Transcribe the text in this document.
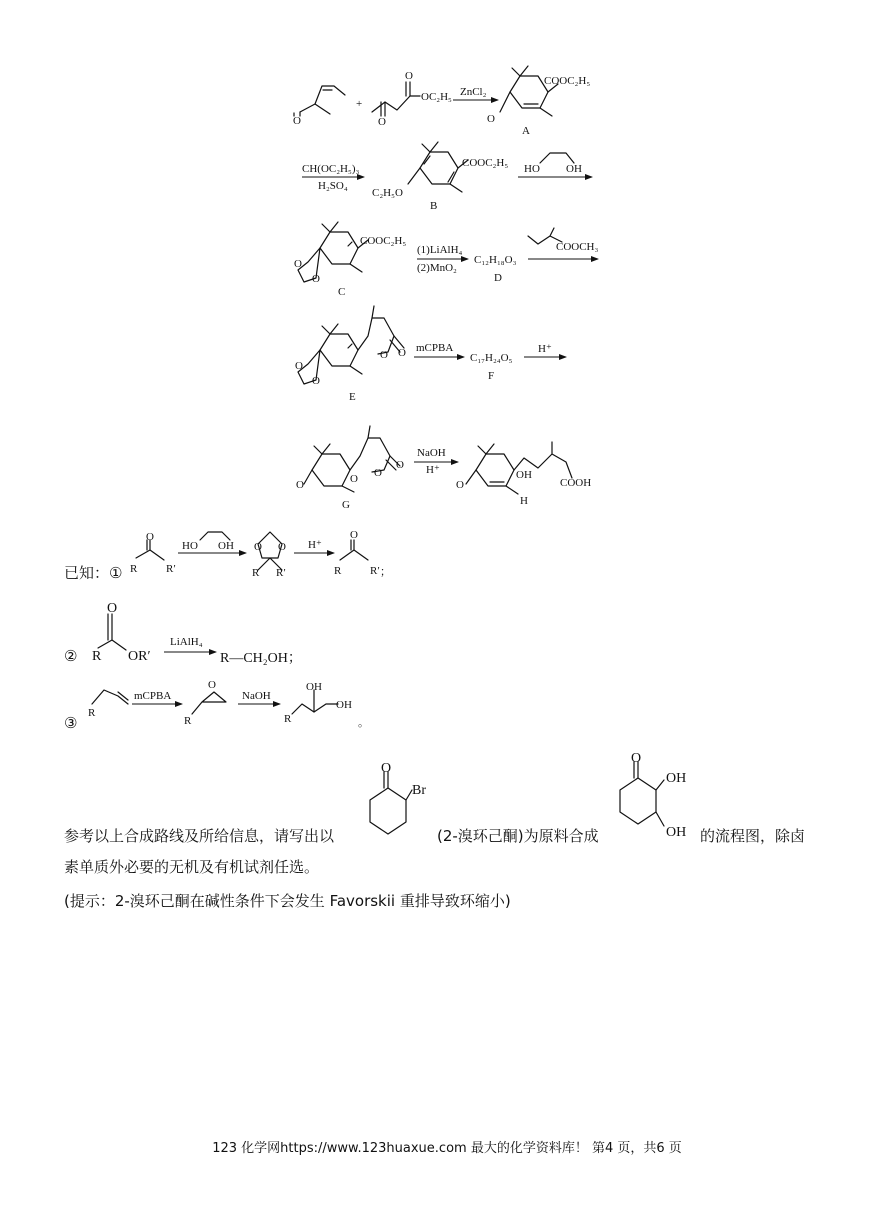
O
+
O
O
OC₂H₅ ZnCl₂
O
COOC₂H₅
A
CH(OC₂H₅)₃
H₂SO₄
COOC₂H₅
C₂H₅O
B
HO OH
O
O
COOC₂H₅
C
(1)LiAlH₄
(2)MnO₂
C₁₂H₁₈O₃
D
COOCH₃
O
O
O O
E
mCPBA
C₁₇H₂₄O₅
F
H⁺
O	O O
O
G
NaOH
H⁺
O
OH
COOH
H
O
R	R′
HO OH O O
R R′
H⁺
O
R	R′ ；
O
R OR′
LiAlH₄
R—CH₂OH；
R
mCPBA
O
R
NaOH
OH
OH
R	。
O
Br
O
OH
OH
已知：①
②
③
参考以上合成路线及所给信息，请写出以	(2-溴环己酮)为原料合成	的流程图，除卤
素单质外必要的无机及有机试剂任选。
(提示：2-溴环己酮在碱性条件下会发生 Favorskii 重排导致环缩小)
123 化学网https://www.123huaxue.com 最大的化学资料库！ 第4 页，共6 页
